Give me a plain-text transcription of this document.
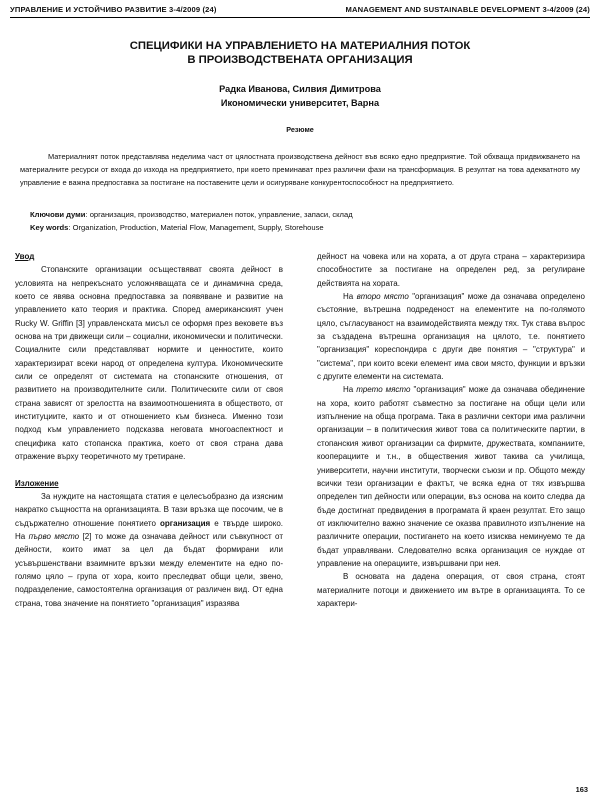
УПРАВЛЕНИЕ И УСТОЙЧИВО РАЗВИТИЕ 3-4/2009 (24)	MANAGEMENT AND SUSTAINABLE DEVELOPMENT 3-4/2009 (24)
СПЕЦИФИКИ НА УПРАВЛЕНИЕТО НА МАТЕРИАЛНИЯ ПОТОК
В ПРОИЗВОДСТВЕНАТА ОРГАНИЗАЦИЯ
Радка Иванова, Силвия Димитрова
Икономически университет, Варна
Резюме

Материалният поток представлява неделима част от цялостната производствена дейност във всяко едно предприятие. Той обхваща придвижването на материалните ресурси от входа до изхода на предприятието, при което преминават през различни фази на трансформация. В резултат на това адекватното му управление е важна предпоставка за постигане на поставените цели и осигуряване конкурентоспособност на предприятието.

Ключови думи: организация, производство, материален поток, управление, запаси, склад
Key words: Organization, Production, Material Flow, Management, Supply, Storehouse
Увод

Стопанските организации осъществяват своята дейност в условията на непрекъснато усложняващата се и динамична среда, което се явява основна предпоставка за появяване и развитие на управлението като теория и практика. Според американският учен Rucky W. Griffin [3] управленската мисъл се оформя през вековете въз основа на три движещи сили – социални, икономически и политически. Социалните сили представляват нормите и ценностите, които характеризират всеки народ от определена култура. Икономическите сили се определят от системата на стопанските отношения, от развитието на производителните сили. Политическите сили от своя страна зависят от зрелостта на взаимоотношенията в обществото, от институциите, както и от отношението към бизнеса. Именно този подход към управлението подсказва неговата многоаспектност и специфика като стопанска практика, което от своя страна дава отражение върху теоретичното му третиране.

Изложение

За нуждите на настоящата статия е целесъобразно да изясним накратко същността на организацията. В тази връзка ще посочим, че в съдържателно отношение понятието организация е твърде широко. На първо място [2] то може да означава дейност или съвкупност от дейности, които имат за цел да бъдат формирани или усъвършенствани взаимните връзки между елементите на едно по-голямо цяло – група от хора, които преследват общи цели, звено, подразделение, самостоятелна организация от различен вид. От една страна, това значение на понятието "организация" изразява

дейност на човека или на хората, а от друга страна – характеризира способностите за постигане на определен ред, за регулиране действията на хората.

На второ място "организация" може да означава определено състояние, вътрешна подреденост на елементите на по-голямото цяло, съгласуваност на взаимодействията между тях. Тук става въпрос за създадена вътрешна организация на цялото, т.е. понятието "организация" кореспондира с други две понятия – "структура" и "система", при които всеки елемент има свои място, функции и връзки с другите елементи на системата.

На трето място "организация" може да означава обединение на хора, които работят съвместно за постигане на общи цели или изпълнение на обща програма. Така в различни сектори има различни организации – в политическия живот това са политическите партии, в стопанския живот организации са фирмите, дружествата, компаниите, кооперациите и т.н., в обществения живот такива са училища, университети, научни институти, творчески съюзи и пр. Общото между всички тези организации е фактът, че всяка една от тях извършва определен тип дейности или операции, въз основа на които следва да бъде достигнат предвидения в програмата й краен резултат. Ето защо от изключително важно значение се оказва правилното изпълнение на различните операции, постигането на което изисква неминуемо те да бъдат управлявани. Следователно всяка организация се нуждае от управление на операциите, извършвани при нея.

В основата на дадена операция, от своя страна, стоят материалните потоци и движението им вътре в организацията. То се характери-

163
